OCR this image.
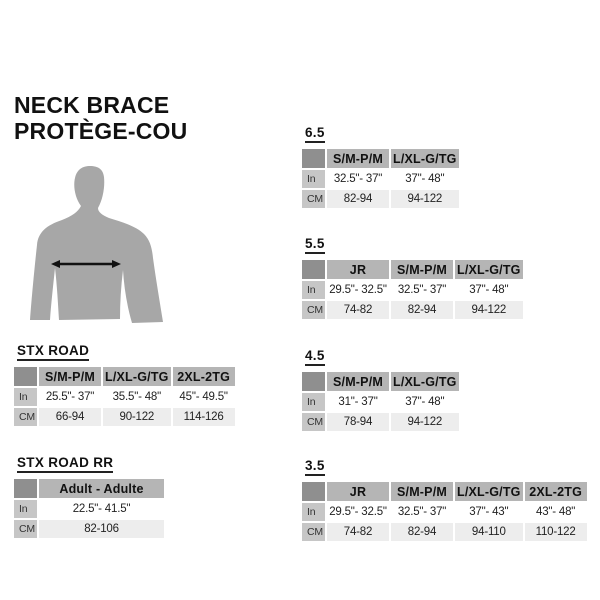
NECK BRACE
PROTÈGE-COU	6.5
	S/M-P/M	L/XL-G/TG
In	32.5"- 37"	37"- 48"
CM	82-94	94-122
5.5
	JR	S/M-P/M	L/XL-G/TG
In	29.5"- 32.5"	32.5"- 37"	37"- 48"
CM	74-82	82-94	94-122
4.5
	S/M-P/M	L/XL-G/TG
In	31"- 37"	37"- 48"
CM	78-94	94-122
3.5
	JR	S/M-P/M	L/XL-G/TG	2XL-2TG
In	29.5"- 32.5"	32.5"- 37"	37"- 43"	43"- 48"
CM	74-82	82-94	94-110	110-122
STX ROAD
	S/M-P/M	L/XL-G/TG	2XL-2TG
In	25.5"- 37"	35.5"- 48"	45"- 49.5"
CM	66-94	90-122	114-126
STX ROAD RR
	Adult - Adulte
In	22.5"- 41.5"
CM	82-106
